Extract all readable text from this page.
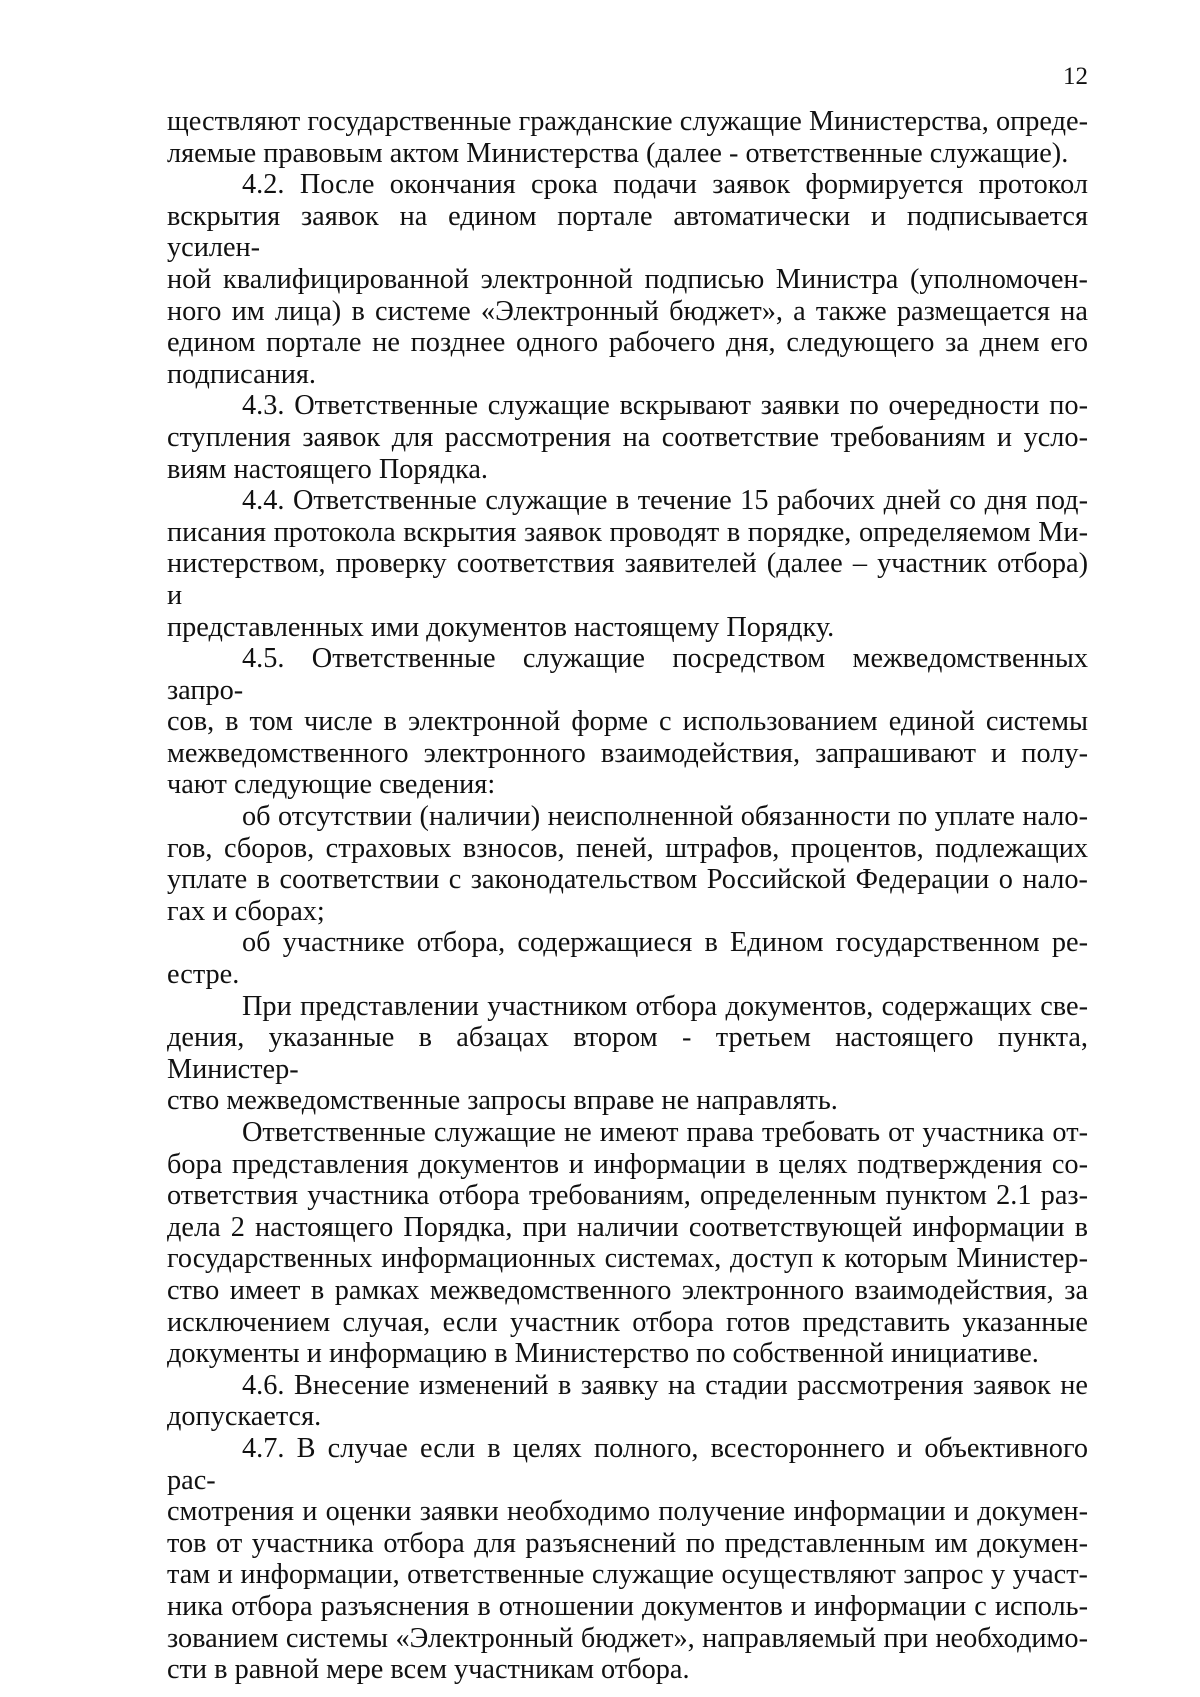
12
ществляют государственные гражданские служащие Министерства, опреде-
ляемые правовым актом Министерства (далее - ответственные служащие).
4.2. После окончания срока подачи заявок формируется протокол
вскрытия заявок на едином портале автоматически и подписывается усилен-
ной квалифицированной электронной подписью Министра (уполномочен-
ного им лица) в системе «Электронный бюджет», а также размещается на
едином портале не позднее одного рабочего дня, следующего за днем его
подписания.
4.3. Ответственные служащие вскрывают заявки по очередности по-
ступления заявок для рассмотрения на соответствие требованиям и усло-
виям настоящего Порядка.
4.4. Ответственные служащие в течение 15 рабочих дней со дня под-
писания протокола вскрытия заявок проводят в порядке, определяемом Ми-
нистерством, проверку соответствия заявителей (далее – участник отбора) и
представленных ими документов настоящему Порядку.
4.5. Ответственные служащие посредством межведомственных запро-
сов, в том числе в электронной форме с использованием единой системы
межведомственного электронного взаимодействия, запрашивают и полу-
чают следующие сведения:
об отсутствии (наличии) неисполненной обязанности по уплате нало-
гов, сборов, страховых взносов, пеней, штрафов, процентов, подлежащих
уплате в соответствии с законодательством Российской Федерации о нало-
гах и сборах;
об участнике отбора, содержащиеся в Едином государственном ре-
естре.
При представлении участником отбора документов, содержащих све-
дения, указанные в абзацах втором - третьем настоящего пункта, Министер-
ство межведомственные запросы вправе не направлять.
Ответственные служащие не имеют права требовать от участника от-
бора представления документов и информации в целях подтверждения со-
ответствия участника отбора требованиям, определенным пунктом 2.1 раз-
дела 2 настоящего Порядка, при наличии соответствующей информации в
государственных информационных системах, доступ к которым Министер-
ство имеет в рамках межведомственного электронного взаимодействия, за
исключением случая, если участник отбора готов представить указанные
документы и информацию в Министерство по собственной инициативе.
4.6. Внесение изменений в заявку на стадии рассмотрения заявок не
допускается.
4.7. В случае если в целях полного, всестороннего и объективного рас-
смотрения и оценки заявки необходимо получение информации и докумен-
тов от участника отбора для разъяснений по представленным им докумен-
там и информации, ответственные служащие осуществляют запрос у участ-
ника отбора разъяснения в отношении документов и информации с исполь-
зованием системы «Электронный бюджет», направляемый при необходимо-
сти в равной мере всем участникам отбора.
